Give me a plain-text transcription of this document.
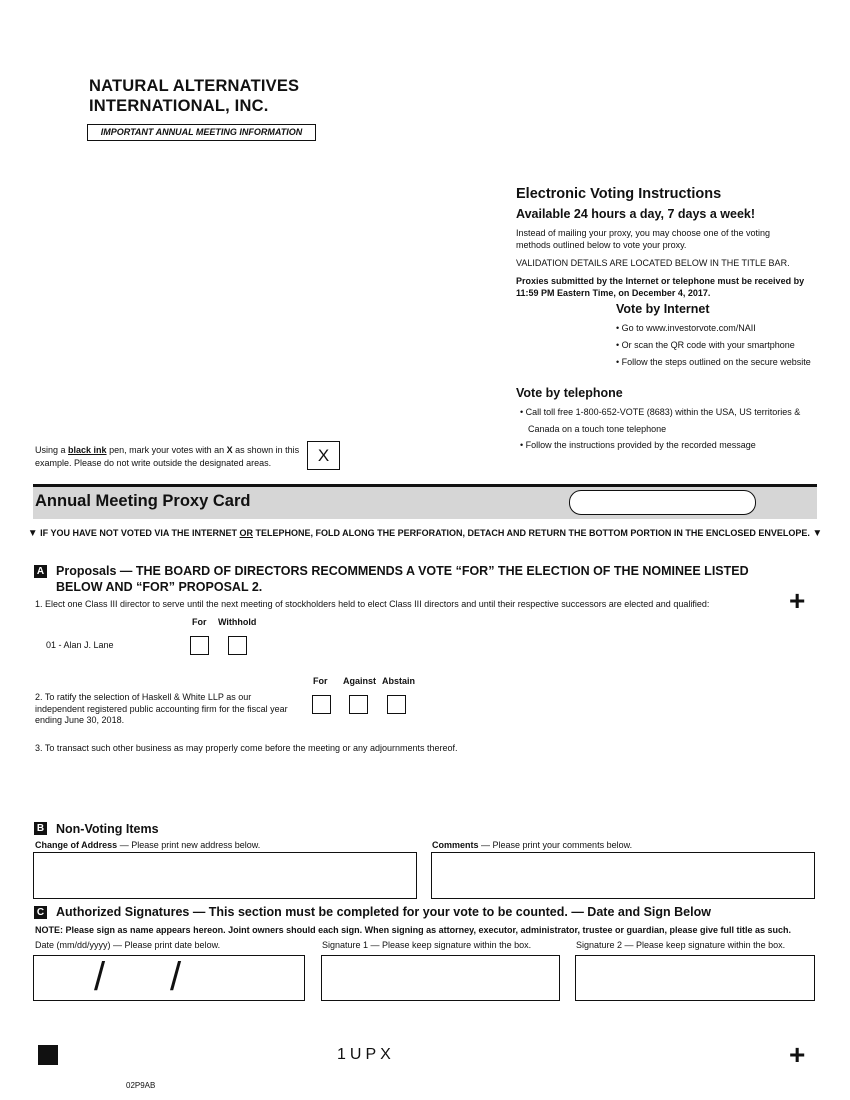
NATURAL ALTERNATIVES
INTERNATIONAL, INC.
IMPORTANT ANNUAL MEETING INFORMATION
Electronic Voting Instructions
Available 24 hours a day, 7 days a week!
Instead of mailing your proxy, you may choose one of the voting methods outlined below to vote your proxy.
VALIDATION DETAILS ARE LOCATED BELOW IN THE TITLE BAR.
Proxies submitted by the Internet or telephone must be received by 11:59 PM Eastern Time, on December 4, 2017.
Vote by Internet
• Go to www.investorvote.com/NAII
• Or scan the QR code with your smartphone
• Follow the steps outlined on the secure website
Vote by telephone
• Call toll free 1-800-652-VOTE (8683) within the USA, US territories & Canada on a touch tone telephone
• Follow the instructions provided by the recorded message
Using a black ink pen, mark your votes with an X as shown in this example. Please do not write outside the designated areas.	X
Annual Meeting Proxy Card
▼ IF YOU HAVE NOT VOTED VIA THE INTERNET OR TELEPHONE, FOLD ALONG THE PERFORATION, DETACH AND RETURN THE BOTTOM PORTION IN THE ENCLOSED ENVELOPE. ▼
A Proposals — THE BOARD OF DIRECTORS RECOMMENDS A VOTE “FOR” THE ELECTION OF THE NOMINEE LISTED BELOW AND “FOR” PROPOSAL 2.	+
1. Elect one Class III director to serve until the next meeting of stockholders held to elect Class III directors and until their respective successors are elected and qualified:
For Withhold
01 - Alan J. Lane
For Against Abstain
2. To ratify the selection of Haskell & White LLP as our independent registered public accounting firm for the fiscal year ending June 30, 2018.
3. To transact such other business as may properly come before the meeting or any adjournments thereof.
B Non-Voting Items
Change of Address — Please print new address below.	Comments — Please print your comments below.
C Authorized Signatures — This section must be completed for your vote to be counted. — Date and Sign Below
NOTE: Please sign as name appears hereon. Joint owners should each sign. When signing as attorney, executor, administrator, trustee or guardian, please give full title as such.
Date (mm/dd/yyyy) — Please print date below.	Signature 1 — Please keep signature within the box.	Signature 2 — Please keep signature within the box.
/ /
1UPX	+
02P9AB
